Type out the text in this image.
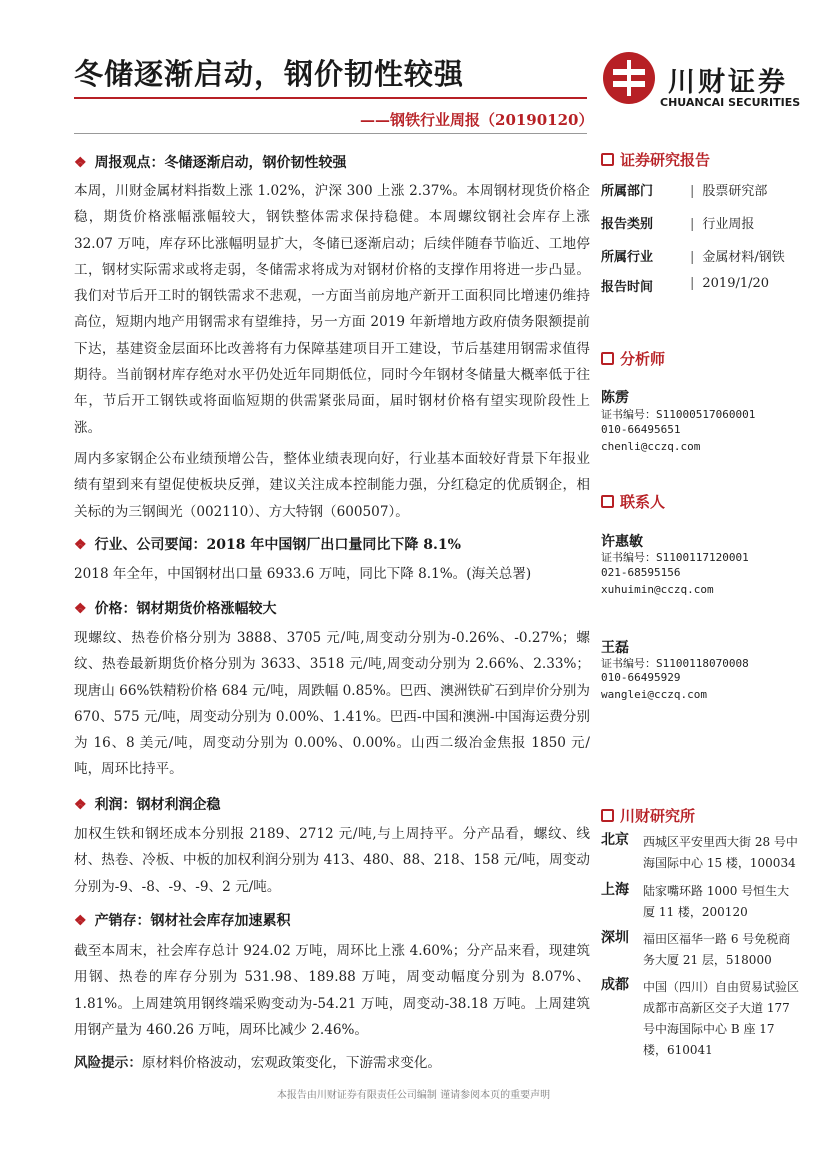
冬储逐渐启动，钢价韧性较强
——钢铁行业周报（20190120）
川财证券
CHUANCAI SECURITIES
❖ 周报观点：冬储逐渐启动，钢价韧性较强

本周，川财金属材料指数上涨 1.02%，沪深 300 上涨 2.37%。本周钢材现货价格企稳，期货价格涨幅涨幅较大，钢铁整体需求保持稳健。本周螺纹钢社会库存上涨 32.07 万吨，库存环比涨幅明显扩大，冬储已逐渐启动；后续伴随春节临近、工地停工，钢材实际需求或将走弱，冬储需求将成为对钢材价格的支撑作用将进一步凸显。我们对节后开工时的钢铁需求不悲观，一方面当前房地产新开工面积同比增速仍维持高位，短期内地产用钢需求有望维持，另一方面 2019 年新增地方政府债务限额提前下达，基建资金层面环比改善将有力保障基建项目开工建设，节后基建用钢需求值得期待。当前钢材库存绝对水平仍处近年同期低位，同时今年钢材冬储量大概率低于往年，节后开工钢铁或将面临短期的供需紧张局面，届时钢材价格有望实现阶段性上涨。

周内多家钢企公布业绩预增公告，整体业绩表现向好，行业基本面较好背景下年报业绩有望到来有望促使板块反弹，建议关注成本控制能力强，分红稳定的优质钢企，相关标的为三钢闽光（002110）、方大特钢（600507）。

❖ 行业、公司要闻：2018 年中国钢厂出口量同比下降 8.1%

2018 年全年，中国钢材出口量 6933.6 万吨，同比下降 8.1%。(海关总署)

❖ 价格：钢材期货价格涨幅较大

现螺纹、热卷价格分别为 3888、3705 元/吨,周变动分别为-0.26%、-0.27%；螺纹、热卷最新期货价格分别为 3633、3518 元/吨,周变动分别为 2.66%、2.33%；现唐山 66%铁精粉价格 684 元/吨，周跌幅 0.85%。巴西、澳洲铁矿石到岸价分别为 670、575 元/吨，周变动分别为 0.00%、1.41%。巴西-中国和澳洲-中国海运费分别为 16、8 美元/吨，周变动分别为 0.00%、0.00%。山西二级冶金焦报 1850 元/吨，周环比持平。

❖ 利润：钢材利润企稳

加权生铁和钢坯成本分别报 2189、2712 元/吨,与上周持平。分产品看，螺纹、线材、热卷、冷板、中板的加权利润分别为 413、480、88、218、158 元/吨，周变动分别为-9、-8、-9、-9、2 元/吨。

❖ 产销存：钢材社会库存加速累积

截至本周末，社会库存总计 924.02 万吨，周环比上涨 4.60%；分产品来看，现建筑用钢、热卷的库存分别为 531.98、189.88 万吨，周变动幅度分别为 8.07%、1.81%。上周建筑用钢终端采购变动为-54.21 万吨，周变动-38.18 万吨。上周建筑用钢产量为 460.26 万吨，周环比减少 2.46%。

风险提示：原材料价格波动，宏观政策变化，下游需求变化。
证券研究报告
所属部门	| 股票研究部
报告类别	| 行业周报
所属行业	| 金属材料/钢铁
报告时间	| 2019/1/20
分析师
陈雳
证书编号：S1100051706000​1
010-66495651
chenli@cczq.com
联系人
许惠敏
证书编号：S1100117120001
021-68595156
xuhuimin@cczq.com
王磊
证书编号：S1100118070008
010-66495929
wanglei@cczq.com
川财研究所
北京 西城区平安里西大街 28 号中海国际中心 15 楼，100034
上海 陆家嘴环路 1000 号恒生大厦 11 楼，200120
深圳 福田区福华一路 6 号免税商务大厦 21 层，518000
成都 中国（四川）自由贸易试验区成都市高新区交子大道 177 号中海国际中心 B 座 17 楼，610041
本报告由川财证券有限责任公司编制 谨请参阅本页的重要声明
